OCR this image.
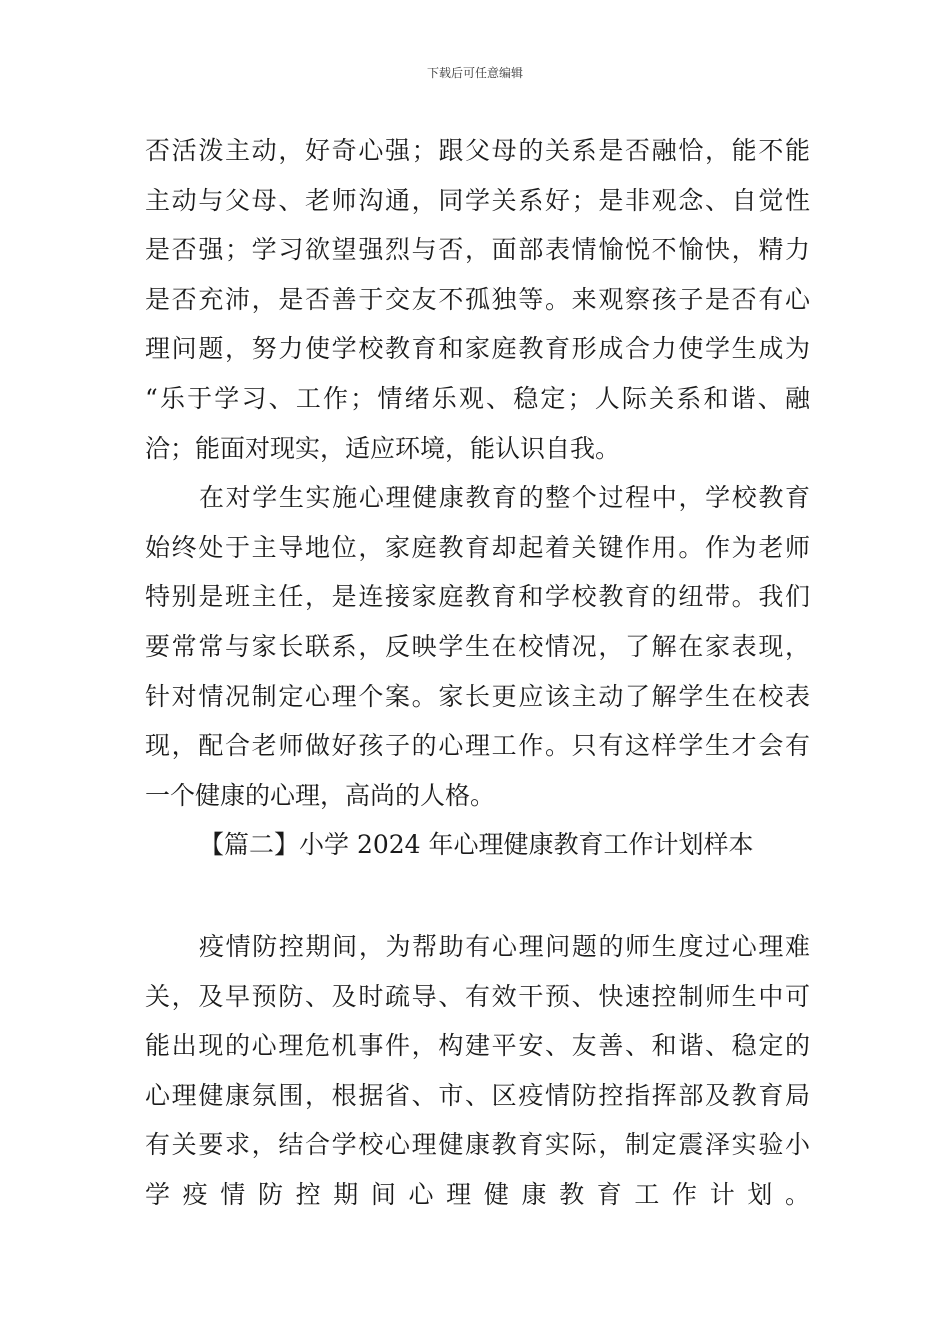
下载后可任意编辑
否活泼主动，好奇心强；跟父母的关系是否融恰，能不能
主动与父母、老师沟通，同学关系好；是非观念、自觉性
是否强；学习欲望强烈与否，面部表情愉悦不愉快，精力
是否充沛，是否善于交友不孤独等。来观察孩子是否有心
理问题，努力使学校教育和家庭教育形成合力使学生成为
“乐于学习、工作；情绪乐观、稳定；人际关系和谐、融
洽；能面对现实，适应环境，能认识自我。
在对学生实施心理健康教育的整个过程中，学校教育
始终处于主导地位，家庭教育却起着关键作用。作为老师
特别是班主任，是连接家庭教育和学校教育的纽带。我们
要常常与家长联系，反映学生在校情况，了解在家表现，
针对情况制定心理个案。家长更应该主动了解学生在校表
现，配合老师做好孩子的心理工作。只有这样学生才会有
一个健康的心理，高尚的人格。
【篇二】小学 2024 年心理健康教育工作计划样本
疫情防控期间，为帮助有心理问题的师生度过心理难
关，及早预防、及时疏导、有效干预、快速控制师生中可
能出现的心理危机事件，构建平安、友善、和谐、稳定的
心理健康氛围，根据省、市、区疫情防控指挥部及教育局
有关要求，结合学校心理健康教育实际，制定震泽实验小
学疫情防控期间心理健康教育工作计划。
